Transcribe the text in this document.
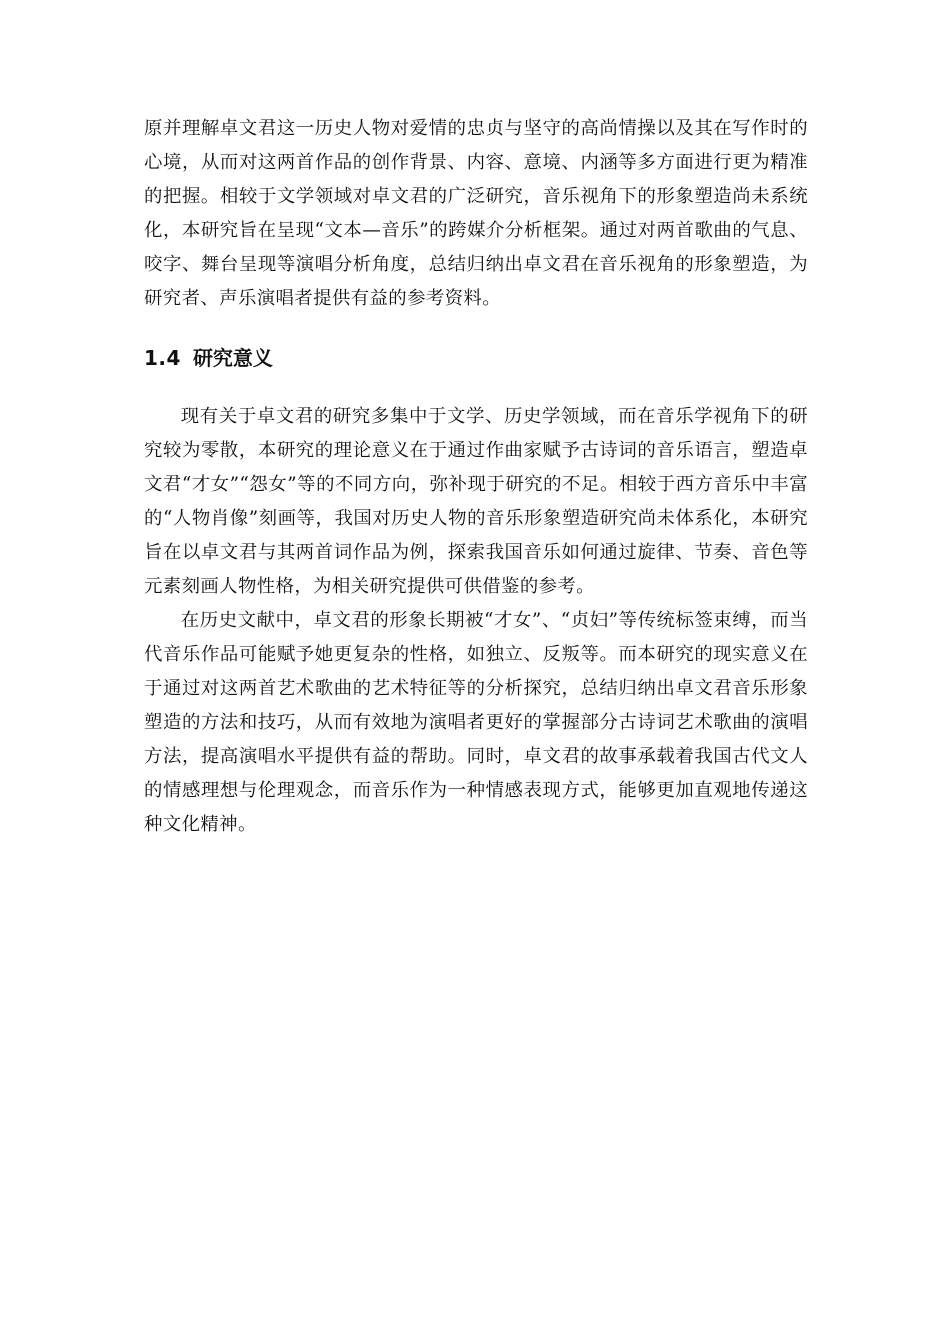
原并理解卓文君这一历史人物对爱情的忠贞与坚守的高尚情操以及其在写作时的心境，从而对这两首作品的创作背景、内容、意境、内涵等多方面进行更为精准的把握。相较于文学领域对卓文君的广泛研究，音乐视角下的形象塑造尚未系统化，本研究旨在呈现“文本—音乐”的跨媒介分析框架。通过对两首歌曲的气息、咬字、舞台呈现等演唱分析角度，总结归纳出卓文君在音乐视角的形象塑造，为研究者、声乐演唱者提供有益的参考资料。

1.4 研究意义

现有关于卓文君的研究多集中于文学、历史学领域，而在音乐学视角下的研究较为零散，本研究的理论意义在于通过作曲家赋予古诗词的音乐语言，塑造卓文君“才女”“怨女”等的不同方向，弥补现于研究的不足。相较于西方音乐中丰富的“人物肖像”刻画等，我国对历史人物的音乐形象塑造研究尚未体系化，本研究旨在以卓文君与其两首词作品为例，探索我国音乐如何通过旋律、节奏、音色等元素刻画人物性格，为相关研究提供可供借鉴的参考。

在历史文献中，卓文君的形象长期被“才女”、“贞妇”等传统标签束缚，而当代音乐作品可能赋予她更复杂的性格，如独立、反叛等。而本研究的现实意义在于通过对这两首艺术歌曲的艺术特征等的分析探究，总结归纳出卓文君音乐形象塑造的方法和技巧，从而有效地为演唱者更好的掌握部分古诗词艺术歌曲的演唱方法，提高演唱水平提供有益的帮助。同时，卓文君的故事承载着我国古代文人的情感理想与伦理观念，而音乐作为一种情感表现方式，能够更加直观地传递这种文化精神。
